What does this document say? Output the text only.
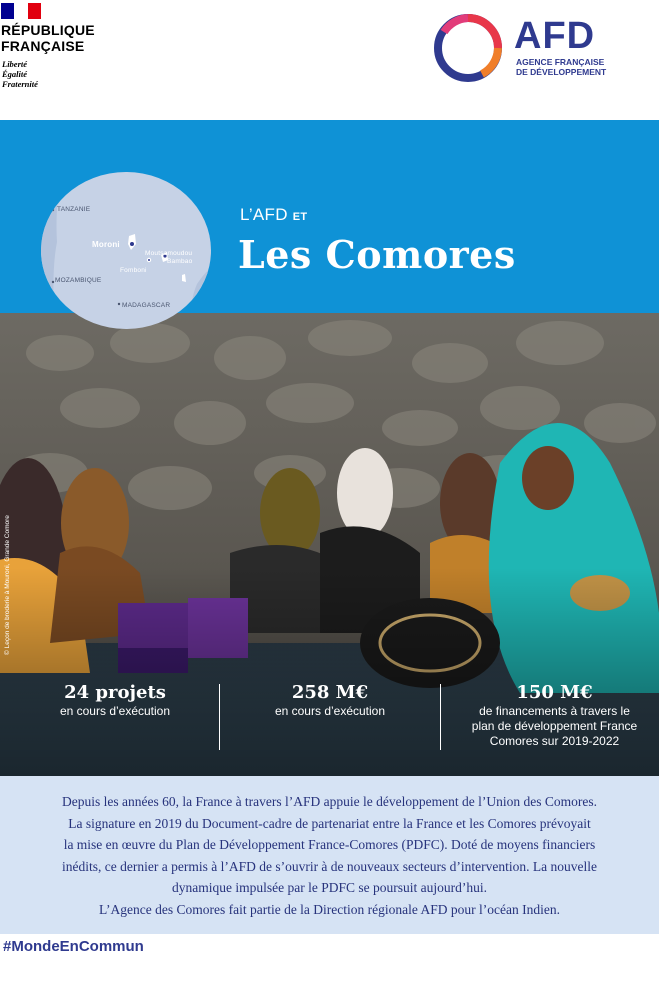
RÉPUBLIQUE
FRANÇAISE
Liberté
Égalité
Fraternité
AFD
AGENCE FRANÇAISE
DE DÉVELOPPEMENT
L’AFD ET
Les Comores
TANZANIE
Moroni
Moutsamoudou
Bambao
Fomboni
MOZAMBIQUE
MADAGASCAR
© Leçon de broderie à Mouroni, Grande Comore
24 projets
en cours d’exécution
258 M€
en cours d’exécution
150 M€
de financements à travers le
plan de développement France
Comores sur 2019-2022
Depuis les années 60, la France à travers l’AFD appuie le développement de l’Union des Comores.
La signature en 2019 du Document-cadre de partenariat entre la France et les Comores prévoyait
la mise en œuvre du Plan de Développement France-Comores (PDFC). Doté de moyens financiers
inédits, ce dernier a permis à l’AFD de s’ouvrir à de nouveaux secteurs d’intervention. La nouvelle
dynamique impulsée par le PDFC se poursuit aujourd’hui.
L’Agence des Comores fait partie de la Direction régionale AFD pour l’océan Indien.
#MondeEnCommun
